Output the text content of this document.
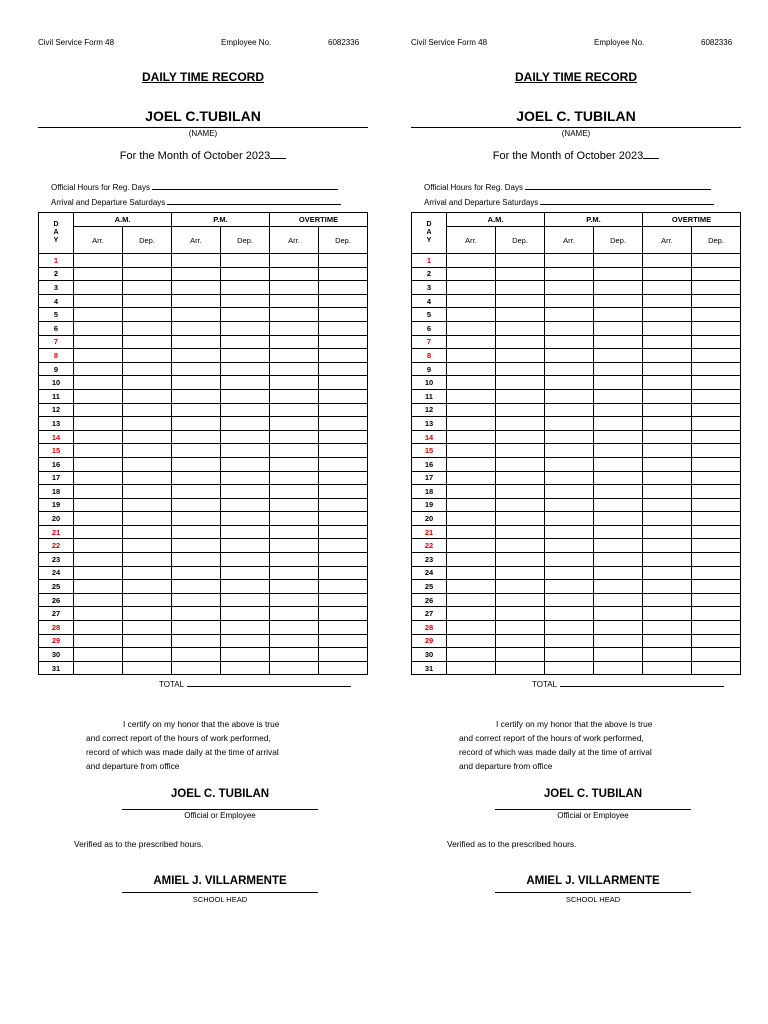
Civil Service Form 48	Employee No.	6082336
DAILY TIME RECORD
JOEL C.TUBILAN
(NAME)
For the Month of October 2023
Official Hours for Reg. Days
Arrival and Departure Saturdays
D
A
Y	A.M.		P.M.		OVERTIME	
	Arr.	Dep.	Arr.	Dep.	Arr.	Dep.
1						
2						
3						
4						
5						
6						
7						
8						
9						
10						
11						
12						
13						
14						
15						
16						
17						
18						
19						
20						
21						
22						
23						
24						
25						
26						
27						
28						
29						
30						
31						
TOTAL
I certify on my honor that the above is true
and correct report of the hours of work performed,
record of which was made daily at the time of arrival
and departure from office
JOEL C. TUBILAN
Official or Employee
Verified as to the prescribed hours.
AMIEL J. VILLARMENTE
SCHOOL HEAD
Civil Service Form 48	Employee No.	6082336
DAILY TIME RECORD
JOEL C. TUBILAN
(NAME)
For the Month of October 2023
Official Hours for Reg. Days
Arrival and Departure Saturdays
D
A
Y	A.M.		P.M.		OVERTIME	
	Arr.	Dep.	Arr.	Dep.	Arr.	Dep.
1						
2						
3						
4						
5						
6						
7						
8						
9						
10						
11						
12						
13						
14						
15						
16						
17						
18						
19						
20						
21						
22						
23						
24						
25						
26						
27						
28						
29						
30						
31						
TOTAL
I certify on my honor that the above is true
and correct report of the hours of work performed,
record of which was made daily at the time of arrival
and departure from office
JOEL C. TUBILAN
Official or Employee
Verified as to the prescribed hours.
AMIEL J. VILLARMENTE
SCHOOL HEAD
